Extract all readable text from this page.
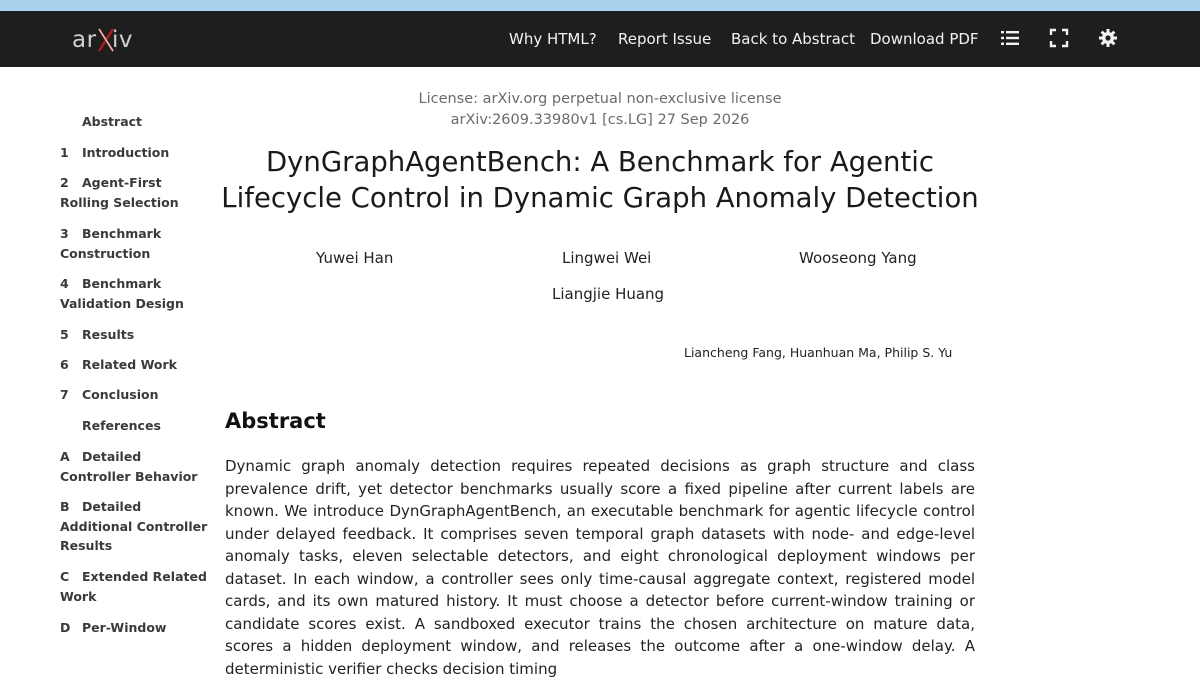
ar iv	Why HTML? Report Issue Back to Abstract Download PDF
Abstract
1 Introduction
2 Agent-First Rolling Selection
3 Benchmark Construction
4 Benchmark Validation Design
5 Results
6 Related Work
7 Conclusion
References
A Detailed Controller Behavior
B Detailed Additional Controller Results
C Extended Related Work
D Per-Window
License: arXiv.org perpetual non-exclusive license
arXiv:2609.33980v1 [cs.LG] 27 Sep 2026
DynGraphAgentBench: A Benchmark for Agentic
Lifecycle Control in Dynamic Graph Anomaly Detection
Yuwei Han	Lingwei Wei	Wooseong Yang
Liangjie Huang
Liancheng Fang, Huanhuan Ma, Philip S. Yu
Abstract
Dynamic graph anomaly detection requires repeated decisions as graph structure and class prevalence drift, yet detector benchmarks usually score a fixed pipeline after current labels are known. We introduce DynGraphAgentBench, an executable benchmark for agentic lifecycle control under delayed feedback. It comprises seven temporal graph datasets with node- and edge-level anomaly tasks, eleven selectable detectors, and eight chronological deployment windows per dataset. In each window, a controller sees only time-causal aggregate context, registered model cards, and its own matured history. It must choose a detector before current-window training or candidate scores exist. A sandboxed executor trains the chosen architecture on mature data, scores a hidden deployment window, and releases the outcome after a one-window delay. A deterministic verifier checks decision timing
